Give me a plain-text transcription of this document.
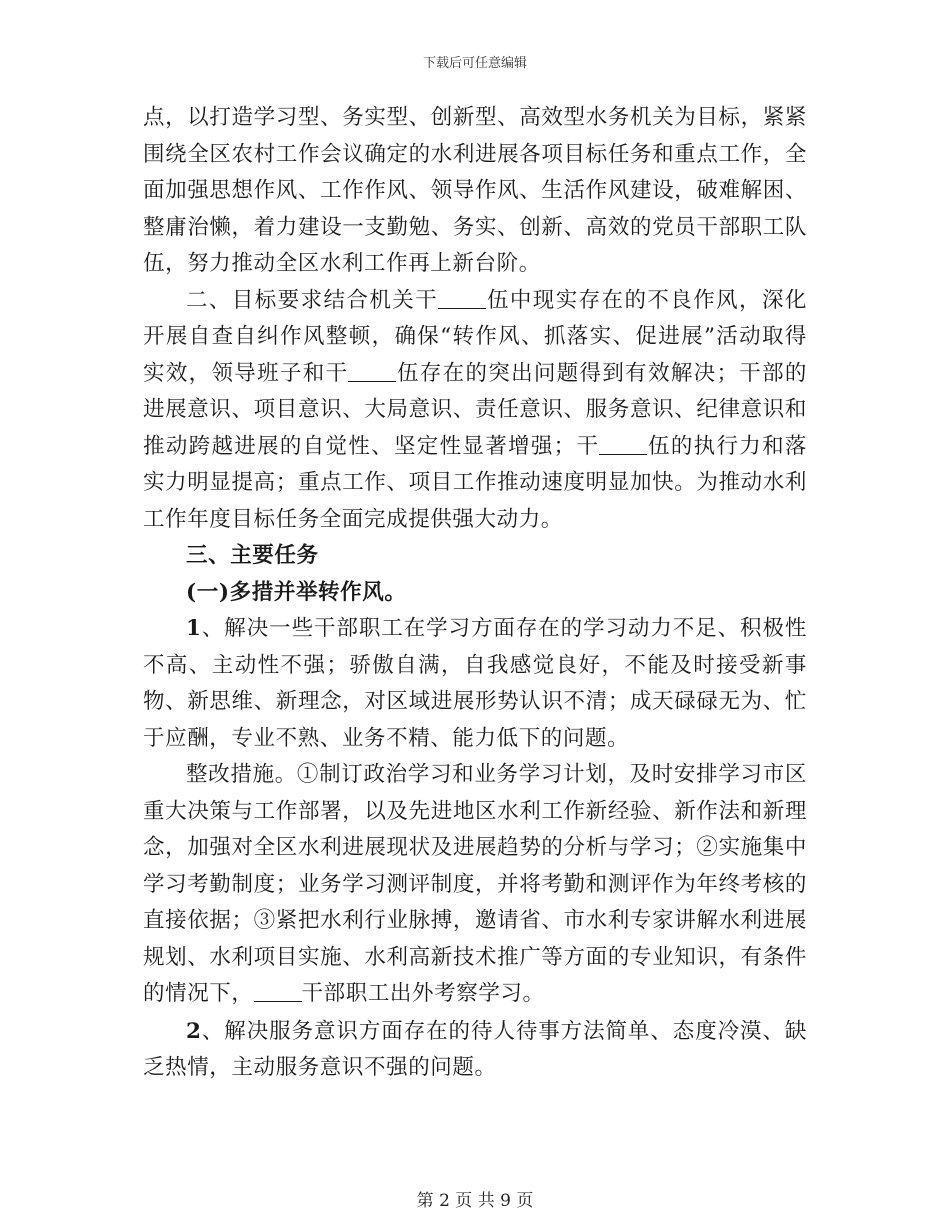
下载后可任意编辑

点，以打造学习型、务实型、创新型、高效型水务机关为目标，紧紧围绕全区农村工作会议确定的水利进展各项目标任务和重点工作，全面加强思想作风、工作作风、领导作风、生活作风建设，破难解困、整庸治懒，着力建设一支勤勉、务实、创新、高效的党员干部职工队伍，努力推动全区水利工作再上新台阶。

二、目标要求结合机关干 伍中现实存在的不良作风，深化开展自查自纠作风整顿，确保“转作风、抓落实、促进展”活动取得实效，领导班子和干 伍存在的突出问题得到有效解决；干部的进展意识、项目意识、大局意识、责任意识、服务意识、纪律意识和推动跨越进展的自觉性、坚定性显著增强；干 伍的执行力和落实力明显提高；重点工作、项目工作推动速度明显加快。为推动水利工作年度目标任务全面完成提供强大动力。

三、主要任务

(一)多措并举转作风。

1、解决一些干部职工在学习方面存在的学习动力不足、积极性不高、主动性不强；骄傲自满，自我感觉良好，不能及时接受新事物、新思维、新理念，对区域进展形势认识不清；成天碌碌无为、忙于应酬，专业不熟、业务不精、能力低下的问题。

整改措施。①制订政治学习和业务学习计划，及时安排学习市区重大决策与工作部署，以及先进地区水利工作新经验、新作法和新理念，加强对全区水利进展现状及进展趋势的分析与学习；②实施集中学习考勤制度；业务学习测评制度，并将考勤和测评作为年终考核的直接依据；③紧把水利行业脉搏，邀请省、市水利专家讲解水利进展规划、水利项目实施、水利高新技术推广等方面的专业知识，有条件的情况下， 干部职工出外考察学习。

2、解决服务意识方面存在的待人待事方法简单、态度冷漠、缺乏热情，主动服务意识不强的问题。

第 2 页 共 9 页
